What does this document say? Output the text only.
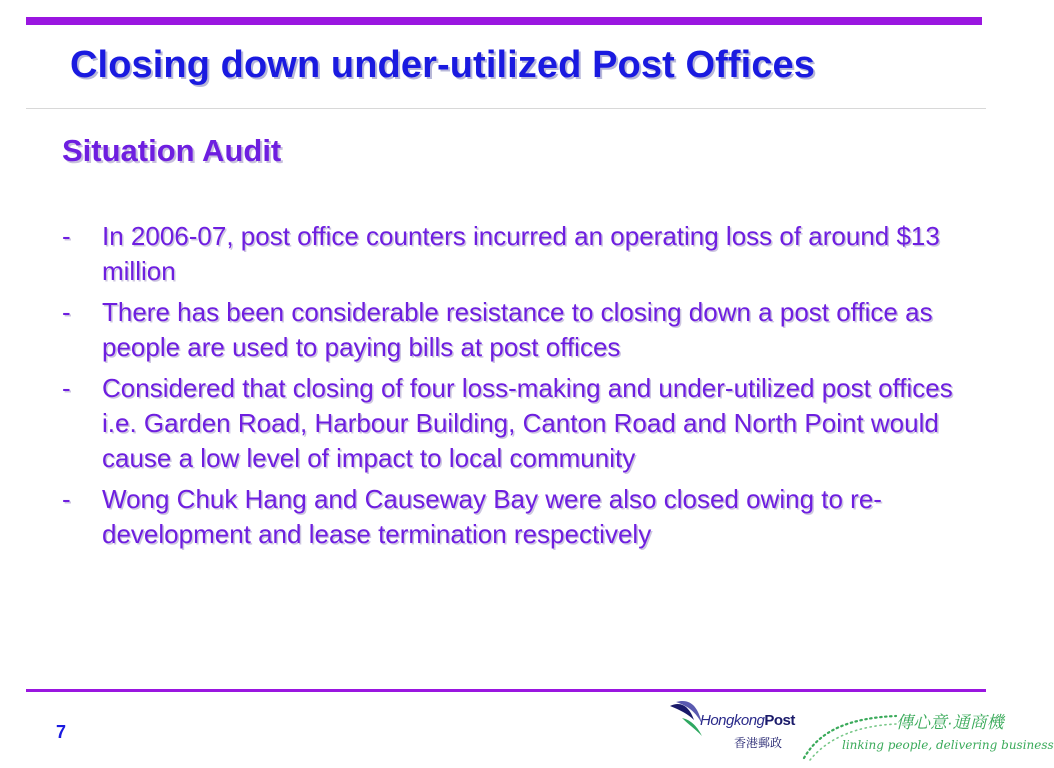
Closing down under-utilized Post Offices
Situation Audit
- In 2006-07, post office counters incurred an operating loss of around $13 million
- There has been considerable resistance to closing down a post office as people are used to paying bills at post offices
- Considered that closing of four loss-making and under-utilized post offices i.e. Garden Road, Harbour Building, Canton Road and North Point would cause a low level of impact to local community
- Wong Chuk Hang and Causeway Bay were also closed owing to re-development and lease termination respectively
7
HongkongPost
香港郵政
傳心意·通商機
linking people, delivering business
